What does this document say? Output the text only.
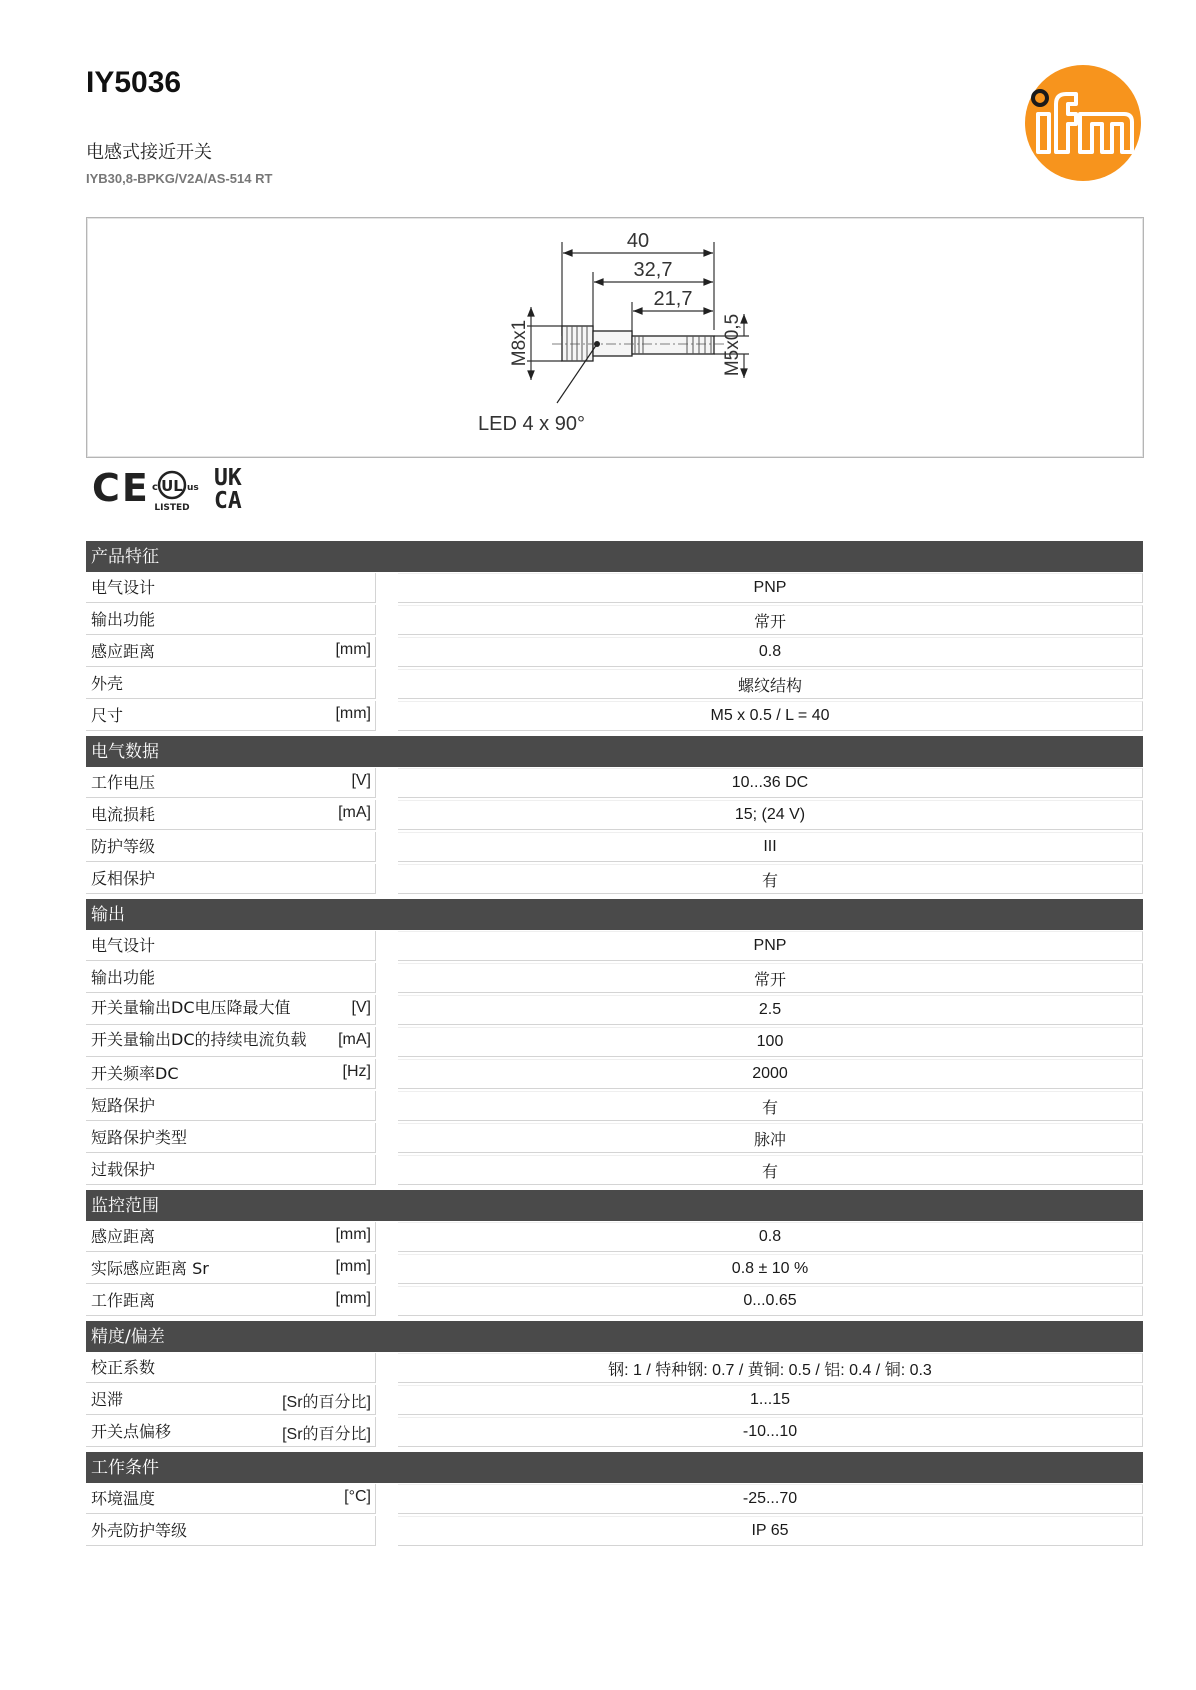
IY5036
电感式接近开关
IYB30,8-BPKG/V2A/AS-514 RT
40
32,7
21,7
M8x1	M5x0,5
LED 4 x 90°
CE UL
c	us
LISTED
UK
CA
产品特征
电气设计	PNP
输出功能	常开
感应距离	[mm]	0.8
外壳	螺纹结构
尺寸	[mm]	M5 x 0.5 / L = 40
电气数据
工作电压	[V]	10...36 DC
电流损耗	[mA]	15; (24 V)
防护等级	III
反相保护	有
输出
电气设计	PNP
输出功能	常开
开关量输出DC电压降最大值	[V]	2.5
开关量输出DC的持续电流负载	[mA]	100
开关频率DC	[Hz]	2000
短路保护	有
短路保护类型	脉冲
过载保护	有
监控范围
感应距离	[mm]	0.8
实际感应距离 Sr	[mm]	0.8 ± 10 %
工作距离	[mm]	0...0.65
精度/偏差
校正系数	钢: 1 / 特种钢: 0.7 / 黄铜: 0.5 / 铝: 0.4 / 铜: 0.3
迟滞	[Sr的百分比]	1...15
开关点偏移	[Sr的百分比]	-10...10
工作条件
环境温度	[°C]	-25...70
外壳防护等级	IP 65
